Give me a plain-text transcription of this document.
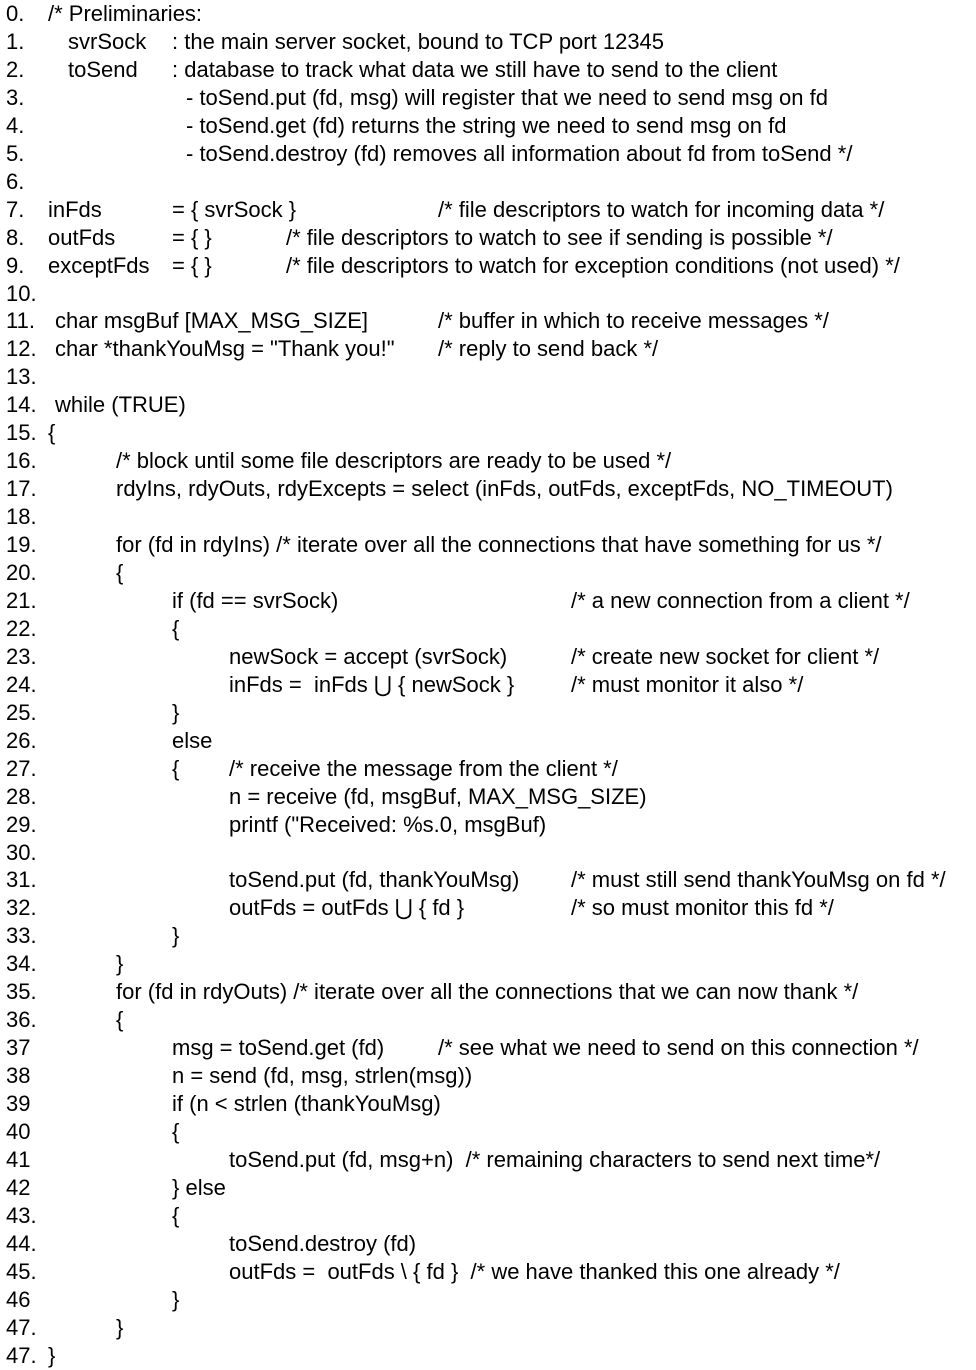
0. /* Preliminaries:
1. svrSock : the main server socket, bound to TCP port 12345
2. toSend : database to track what data we still have to send to the client
3.	- toSend.put (fd, msg) will register that we need to send msg on fd
4.	- toSend.get (fd) returns the string we need to send msg on fd
5.	- toSend.destroy (fd) removes all information about fd from toSend */
6.
7. inFds	= { svrSock }	/* file descriptors to watch for incoming data */
8. outFds	= { }	/* file descriptors to watch to see if sending is possible */
9. exceptFds = { }	/* file descriptors to watch for exception conditions (not used) */
10.
11. char msgBuf [MAX_MSG_SIZE]	/* buffer in which to receive messages */
12. char *thankYouMsg = "Thank you!" /* reply to send back */
13.
14. while (TRUE)
15. {
16.	/* block until some file descriptors are ready to be used */
17.	rdyIns, rdyOuts, rdyExcepts = select (inFds, outFds, exceptFds, NO_TIMEOUT)
18.
19.	for (fd in rdyIns) /* iterate over all the connections that have something for us */
20.	{
21.	if (fd == svrSock)	/* a new connection from a client */
22.	{
23.	newSock = accept (svrSock)	/* create new socket for client */
24.	inFds =  inFds ⋃ { newSock }	/* must monitor it also */
25.	}
26.	else
27.	{ /* receive the message from the client */
28.	n = receive (fd, msgBuf, MAX_MSG_SIZE)
29.	printf ("Received: %s.0, msgBuf)
30.
31.	toSend.put (fd, thankYouMsg) /* must still send thankYouMsg on fd */
32.	outFds = outFds ⋃ { fd }	/* so must monitor this fd */
33.	}
34.	}
35.	for (fd in rdyOuts) /* iterate over all the connections that we can now thank */
36.	{
37	msg = toSend.get (fd) /* see what we need to send on this connection */
38	n = send (fd, msg, strlen(msg))
39	if (n < strlen (thankYouMsg)
40	{
41	toSend.put (fd, msg+n)  /* remaining characters to send next time*/
42	} else
43.	{
44.	toSend.destroy (fd)
45.	outFds =  outFds \ { fd }  /* we have thanked this one already */
46	}
47.	}
47. }
